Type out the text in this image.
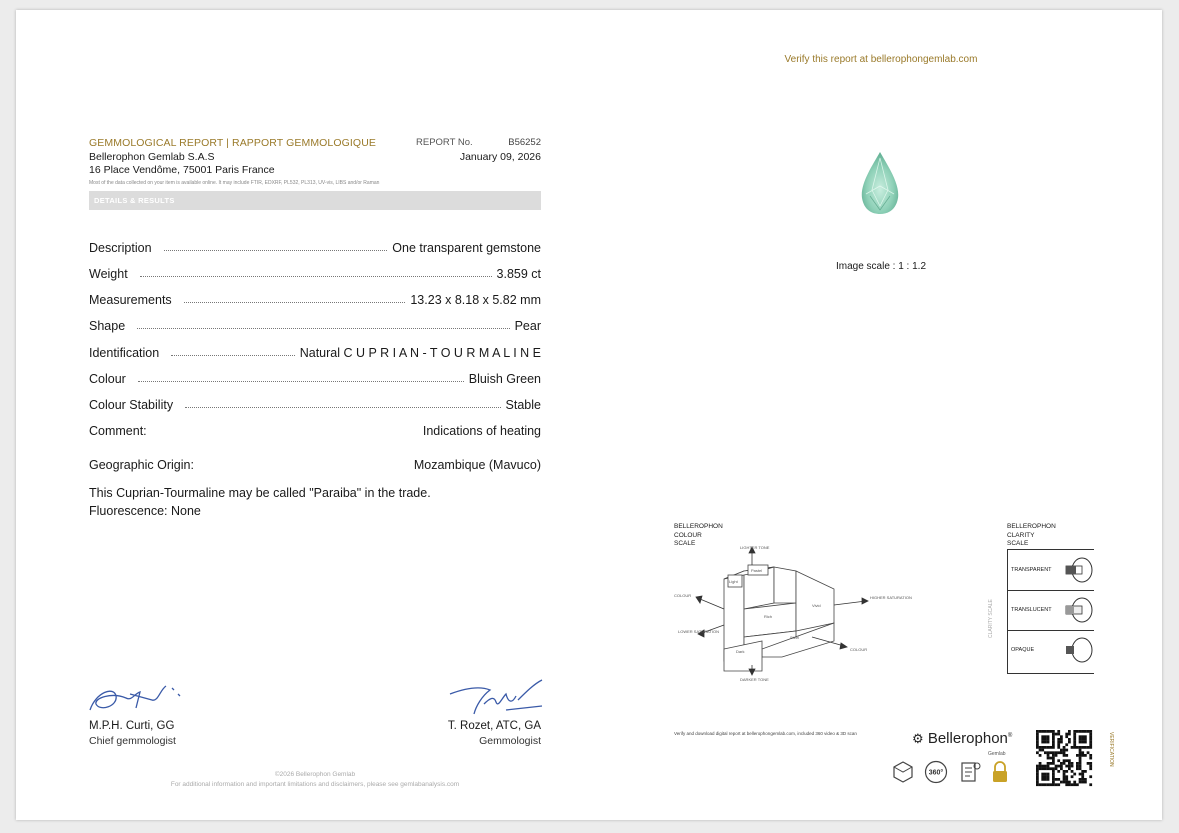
GEMMOLOGICAL REPORT | RAPPORT GEMMOLOGIQUE	REPORT No.	B56252
Bellerophon Gemlab S.A.S	January 09, 2026
16 Place Vendôme, 75001 Paris France
Most of the data collected on your item is available online. It may include FTIR, EDXRF, PL532, PL313, UV-vis, LIBS and/or Raman
DETAILS & RESULTS
Description	One transparent gemstone
Weight	3.859 ct
Measurements	13.23 x 8.18 x 5.82 mm
Shape	Pear
Identification	Natural C U P R I A N - T O U R M A L I N E
Colour	Bluish Green
Colour Stability	Stable
Comment:	Indications of heating
Geographic Origin:	Mozambique (Mavuco)
This Cuprian-Tourmaline may be called "Paraiba" in the trade.
Fluorescence: None
M.P.H. Curti, GG
Chief gemmologist
T. Rozet, ATC, GA
Gemmologist
©2026 Bellerophon Gemlab
For additional information and important limitations and disclaimers, please see gemlabanalysis.com
Verify this report at bellerophongemlab.com
Image scale : 1 : 1.2
BELLEROPHON
COLOUR
SCALE
LIGHTER TONE
DARKER TONE
COLOUR
COLOUR
HIGHER SATURATION
LOWER SATURATION
Light
Pastel
Rich
Vivid
Dark
Steel
BELLEROPHON
CLARITY
SCALE
CLARITY SCALE
TRANSPARENT
TRANSLUCENT
OPAQUE
Verify and download digital report at bellerophongemlab.com, included 360 video & 3D scan	⚙ Bellerophon®
Gemlab
360°
VERIFICATION
